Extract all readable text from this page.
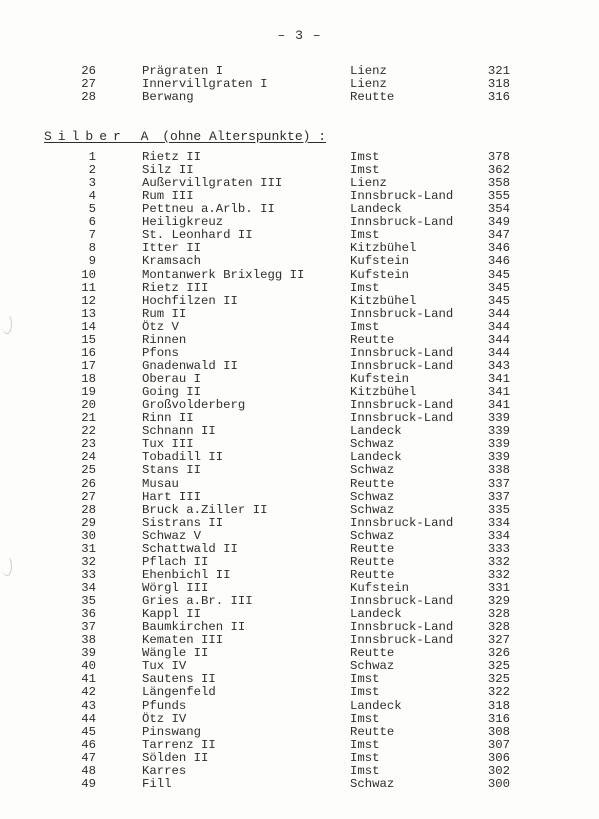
– 3 –
26	Prägraten I	Lienz	321
27	Innervillgraten I	Lienz	318
28	Berwang	Reutte	316
Silber A (ohne Alterspunkte) :
1	Rietz II	Imst	378
2	Silz II	Imst	362
3	Außervillgraten III	Lienz	358
4	Rum III	Innsbruck-Land	355
5	Pettneu a.Arlb. II	Landeck	354
6	Heiligkreuz	Innsbruck-Land	349
7	St. Leonhard II	Imst	347
8	Itter II	Kitzbühel	346
9	Kramsach	Kufstein	346
10	Montanwerk Brixlegg II	Kufstein	345
11	Rietz III	Imst	345
12	Hochfilzen II	Kitzbühel	345
13	Rum II	Innsbruck-Land	344
14	Ötz V	Imst	344
15	Rinnen	Reutte	344
16	Pfons	Innsbruck-Land	344
17	Gnadenwald II	Innsbruck-Land	343
18	Oberau I	Kufstein	341
19	Going II	Kitzbühel	341
20	Großvolderberg	Innsbruck-Land	341
21	Rinn II	Innsbruck-Land	339
22	Schnann II	Landeck	339
23	Tux III	Schwaz	339
24	Tobadill II	Landeck	339
25	Stans II	Schwaz	338
26	Musau	Reutte	337
27	Hart III	Schwaz	337
28	Bruck a.Ziller II	Schwaz	335
29	Sistrans II	Innsbruck-Land	334
30	Schwaz V	Schwaz	334
31	Schattwald II	Reutte	333
32	Pflach II	Reutte	332
33	Ehenbichl II	Reutte	332
34	Wörgl III	Kufstein	331
35	Gries a.Br. III	Innsbruck-Land	329
36	Kappl II	Landeck	328
37	Baumkirchen II	Innsbruck-Land	328
38	Kematen III	Innsbruck-Land	327
39	Wängle II	Reutte	326
40	Tux IV	Schwaz	325
41	Sautens II	Imst	325
42	Längenfeld	Imst	322
43	Pfunds	Landeck	318
44	Ötz IV	Imst	316
45	Pinswang	Reutte	308
46	Tarrenz II	Imst	307
47	Sölden II	Imst	306
48	Karres	Imst	302
49	Fill	Schwaz	300
